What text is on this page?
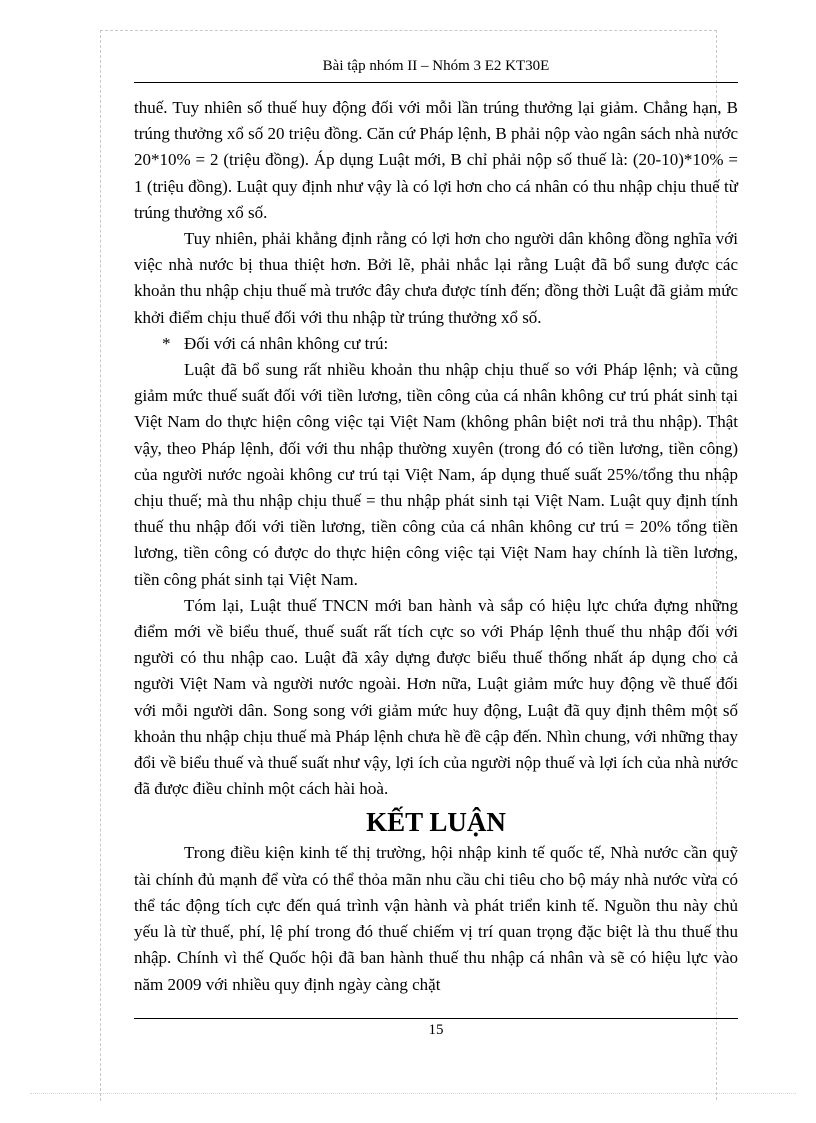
Bài tập nhóm II – Nhóm 3 E2 KT30E

thuế. Tuy nhiên số thuế huy động đối với mỗi lần trúng thưởng lại giảm. Chẳng hạn, B trúng thưởng xổ số 20 triệu đồng. Căn cứ Pháp lệnh, B phải nộp vào ngân sách nhà nước 20*10% = 2 (triệu đồng). Áp dụng Luật mới, B chỉ phải nộp số thuế là: (20-10)*10% = 1 (triệu đồng). Luật quy định như vậy là có lợi hơn cho cá nhân có thu nhập chịu thuế từ trúng thưởng xổ số.

Tuy nhiên, phải khẳng định rằng có lợi hơn cho người dân không đồng nghĩa với việc nhà nước bị thua thiệt hơn. Bởi lẽ, phải nhắc lại rằng Luật đã bổ sung được các khoản thu nhập chịu thuế mà trước đây chưa được tính đến; đồng thời Luật đã giảm mức khởi điểm chịu thuế đối với thu nhập từ trúng thưởng xổ số.

* Đối với cá nhân không cư trú:

Luật đã bổ sung rất nhiều khoản thu nhập chịu thuế so với Pháp lệnh; và cũng giảm mức thuế suất đối với tiền lương, tiền công của cá nhân không cư trú phát sinh tại Việt Nam do thực hiện công việc tại Việt Nam (không phân biệt nơi trả thu nhập). Thật vậy, theo Pháp lệnh, đối với thu nhập thường xuyên (trong đó có tiền lương, tiền công) của người nước ngoài không cư trú tại Việt Nam, áp dụng thuế suất 25%/tổng thu nhập chịu thuế; mà thu nhập chịu thuế = thu nhập phát sinh tại Việt Nam. Luật quy định tính thuế thu nhập đối với tiền lương, tiền công của cá nhân không cư trú = 20% tổng tiền lương, tiền công có được do thực hiện công việc tại Việt Nam hay chính là tiền lương, tiền công phát sinh tại Việt Nam.

Tóm lại, Luật thuế TNCN mới ban hành và sắp có hiệu lực chứa đựng những điểm mới về biểu thuế, thuế suất rất tích cực so với Pháp lệnh thuế thu nhập đối với người có thu nhập cao. Luật đã xây dựng được biểu thuế thống nhất áp dụng cho cả người Việt Nam và người nước ngoài. Hơn nữa, Luật giảm mức huy động về thuế đối với mỗi người dân. Song song với giảm mức huy động, Luật đã quy định thêm một số khoản thu nhập chịu thuế mà Pháp lệnh chưa hề đề cập đến. Nhìn chung, với những thay đổi về biểu thuế và thuế suất như vậy, lợi ích của người nộp thuế và lợi ích của nhà nước đã được điều chỉnh một cách hài hoà.

KẾT LUẬN

Trong điều kiện kinh tế thị trường, hội nhập kinh tế quốc tế, Nhà nước cần quỹ tài chính đủ mạnh để vừa có thể thỏa mãn nhu cầu chi tiêu cho bộ máy nhà nước vừa có thể tác động tích cực đến quá trình vận hành và phát triển kinh tế. Nguồn thu này chủ yếu là từ thuế, phí, lệ phí trong đó thuế chiếm vị trí quan trọng đặc biệt là thu thuế thu nhập. Chính vì thế Quốc hội đã ban hành thuế thu nhập cá nhân và sẽ có hiệu lực vào năm 2009 với nhiều quy định ngày càng chặt

15
